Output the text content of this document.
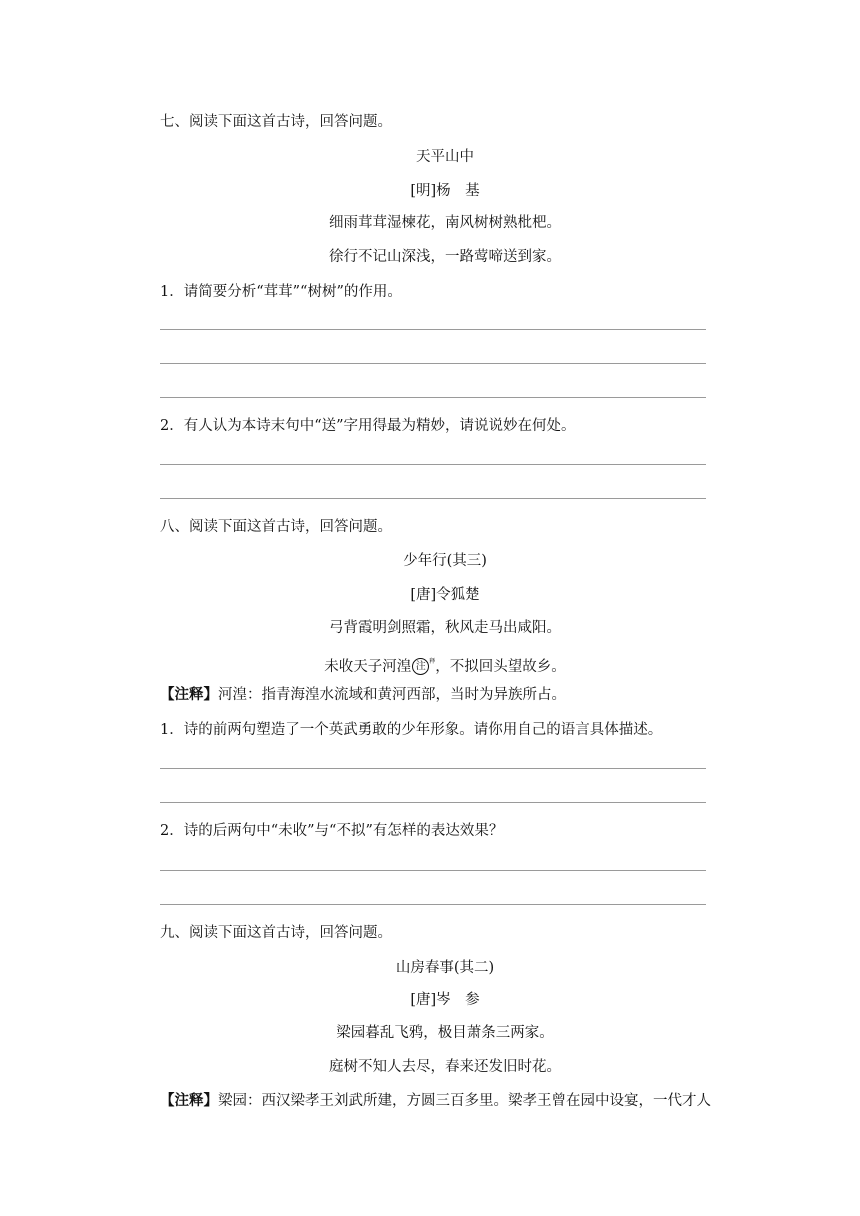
七、阅读下面这首古诗，回答问题。
天平山中
[明]杨　基
细雨茸茸湿楝花，南风树树熟枇杷。
徐行不记山深浅，一路莺啼送到家。
1．请简要分析“茸茸”“树树”的作用。
2．有人认为本诗末句中“送”字用得最为精妙，请说说妙在何处。
八、阅读下面这首古诗，回答问题。
少年行(其三)
[唐]令狐楚
弓背霞明剑照霜，秋风走马出咸阳。
未收天子河湟 注 $^释$，不拟回头望故乡。
【注释】河湟：指青海湟水流域和黄河西部，当时为异族所占。
1．诗的前两句塑造了一个英武勇敢的少年形象。请你用自己的语言具体描述。
2．诗的后两句中“未收”与“不拟”有怎样的表达效果？
九、阅读下面这首古诗，回答问题。
山房春事(其二)
[唐]岑　参
梁园暮乱飞鸦，极目萧条三两家。
庭树不知人去尽，春来还发旧时花。
【注释】梁园：西汉梁孝王刘武所建，方圆三百多里。梁孝王曾在园中设宴，一代才人
